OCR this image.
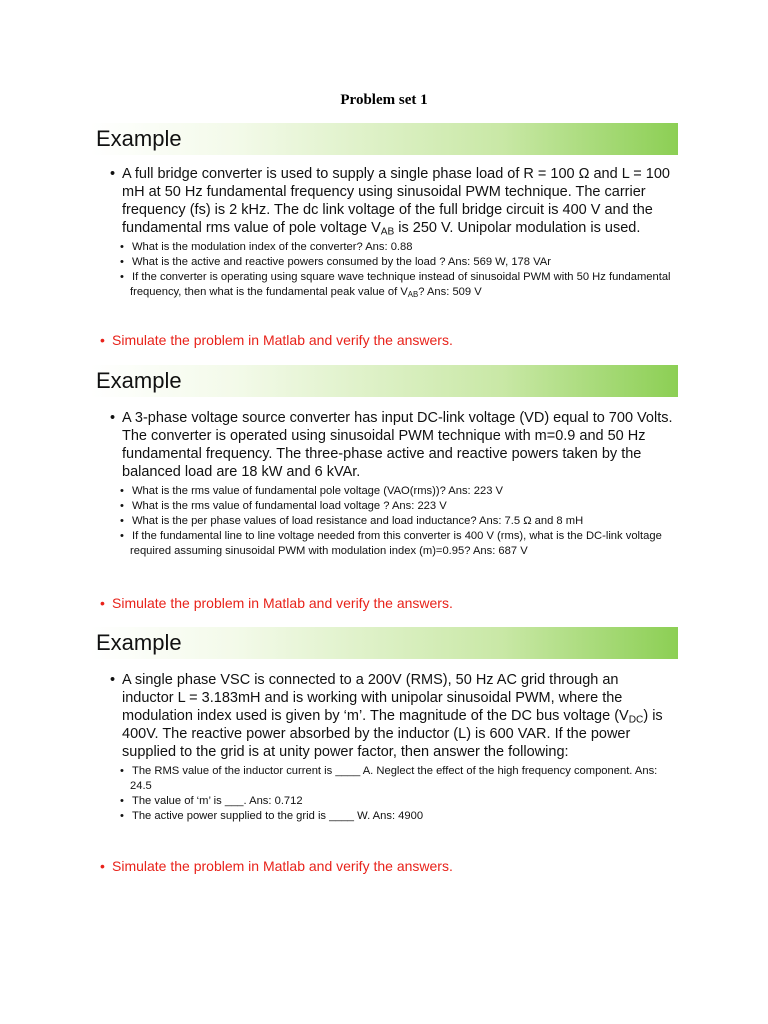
Problem set 1
Example
• A full bridge converter is used to supply a single phase load of R = 100 Ω and L = 100 mH at 50 Hz fundamental frequency using sinusoidal PWM technique. The carrier frequency (fs) is 2 kHz. The dc link voltage of the full bridge circuit is 400 V and the fundamental rms value of pole voltage $V_{AB}$ is 250 V. Unipolar modulation is used.
• What is the modulation index of the converter? Ans: 0.88
• What is the active and reactive powers consumed by the load ? Ans: 569 W, 178 VAr
• If the converter is operating using square wave technique instead of sinusoidal PWM with 50 Hz fundamental frequency, then what is the fundamental peak value of $V_{AB}$? Ans: 509 V
• Simulate the problem in Matlab and verify the answers.
Example
• A 3-phase voltage source converter has input DC-link voltage (VD) equal to 700 Volts. The converter is operated using sinusoidal PWM technique with m=0.9 and 50 Hz fundamental frequency. The three-phase active and reactive powers taken by the balanced load are 18 kW and 6 kVAr.
• What is the rms value of fundamental pole voltage (VAO(rms))? Ans: 223 V
• What is the rms value of fundamental load voltage ? Ans: 223 V
• What is the per phase values of load resistance and load inductance? Ans: 7.5 Ω and 8 mH
• If the fundamental line to line voltage needed from this converter is 400 V (rms), what is the DC-link voltage required assuming sinusoidal PWM with modulation index (m)=0.95? Ans: 687 V
• Simulate the problem in Matlab and verify the answers.
Example
• A single phase VSC is connected to a 200V (RMS), 50 Hz AC grid through an inductor L = 3.183mH and is working with unipolar sinusoidal PWM, where the modulation index used is given by ‘m’. The magnitude of the DC bus voltage $(V_{DC})$ is 400V. The reactive power absorbed by the inductor (L) is 600 VAR. If the power supplied to the grid is at unity power factor, then answer the following:
• The RMS value of the inductor current is ____ A. Neglect the effect of the high frequency component. Ans: 24.5
• The value of ‘m’ is ___. Ans: 0.712
• The active power supplied to the grid is ____ W. Ans: 4900
• Simulate the problem in Matlab and verify the answers.
